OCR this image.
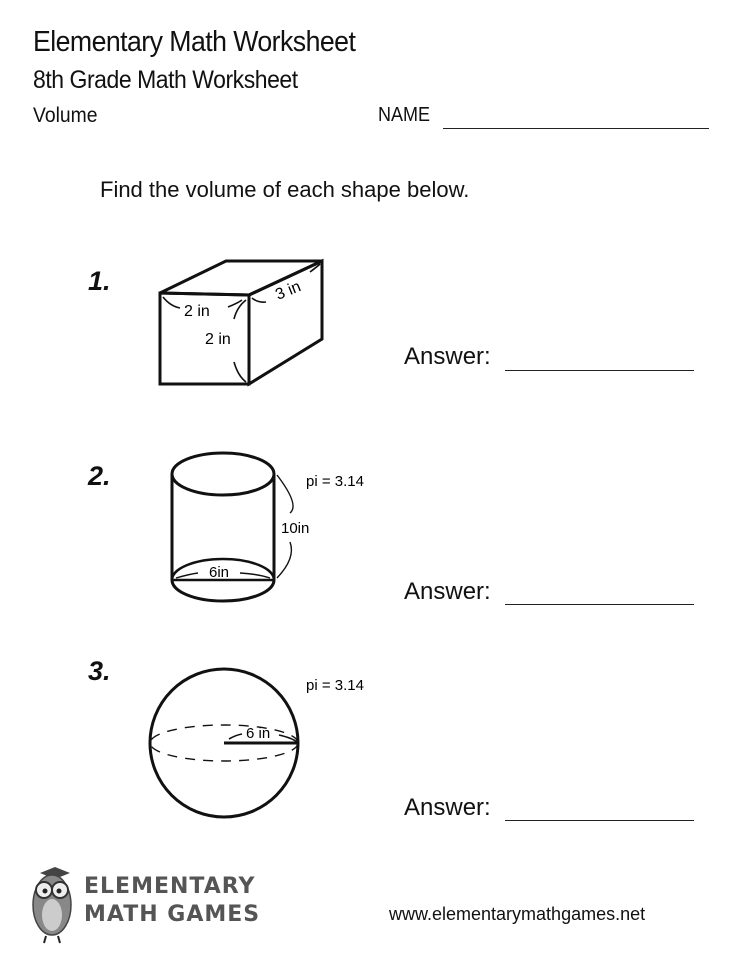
Elementary Math Worksheet
8th Grade Math Worksheet
Volume	NAME
Find the volume of each shape below.
2 in
2 in
3 in
pi = 3.14
10in
6in
6 in
pi = 3.14
1.
2.
3.
Answer:
Answer:
Answer:
ELEMENTARY
MATH GAMES	www.elementarymathgames.net
